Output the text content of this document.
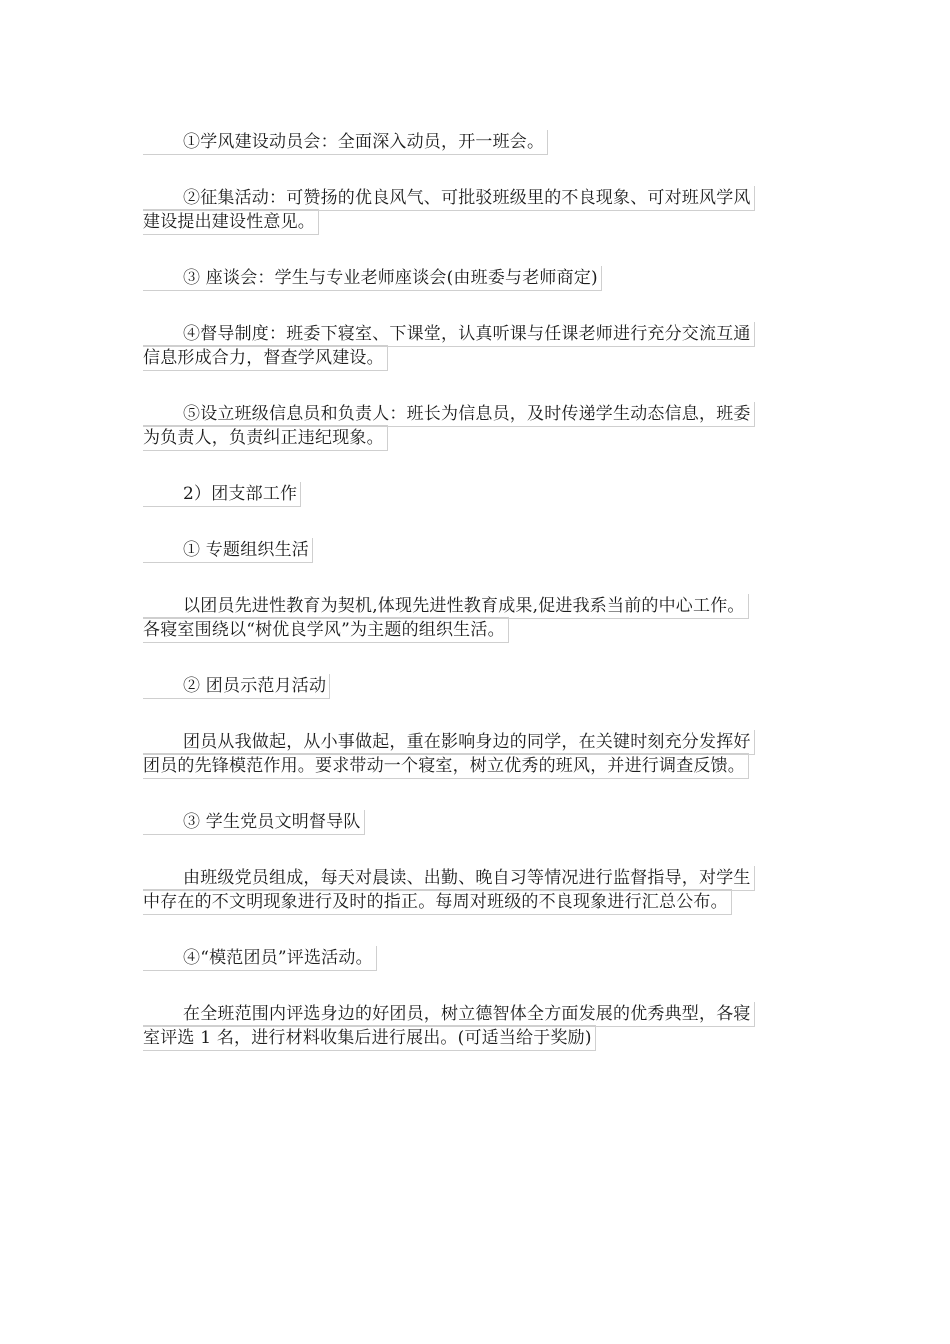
①学风建设动员会：全面深入动员，开一班会。
②征集活动：可赞扬的优良风气、可批驳班级里的不良现象、可对班风学风
建设提出建设性意见。
③ 座谈会：学生与专业老师座谈会(由班委与老师商定)
④督导制度：班委下寝室、下课堂，认真听课与任课老师进行充分交流互通
信息形成合力，督查学风建设。
⑤设立班级信息员和负责人：班长为信息员，及时传递学生动态信息，班委
为负责人，负责纠正违纪现象。
2）团支部工作
① 专题组织生活
以团员先进性教育为契机,体现先进性教育成果,促进我系当前的中心工作。
各寝室围绕以“树优良学风”为主题的组织生活。
② 团员示范月活动
团员从我做起，从小事做起，重在影响身边的同学，在关键时刻充分发挥好
团员的先锋模范作用。要求带动一个寝室，树立优秀的班风，并进行调查反馈。
③ 学生党员文明督导队
由班级党员组成，每天对晨读、出勤、晚自习等情况进行监督指导，对学生
中存在的不文明现象进行及时的指正。每周对班级的不良现象进行汇总公布。
④“模范团员”评选活动。
在全班范围内评选身边的好团员，树立德智体全方面发展的优秀典型，各寝
室评选 1 名，进行材料收集后进行展出。(可适当给于奖励)
